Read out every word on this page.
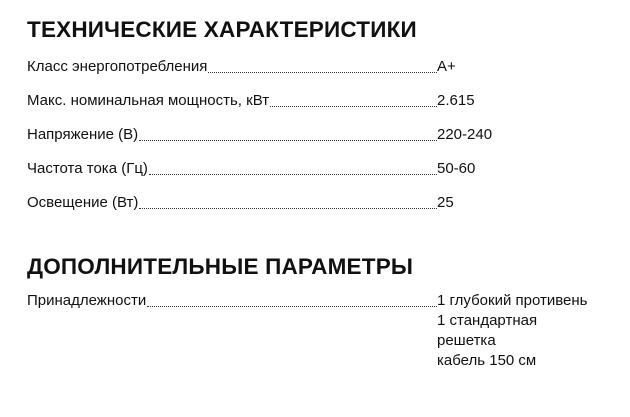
ТЕХНИЧЕСКИЕ ХАРАКТЕРИСТИКИ
Класс энергопотребления	A+
Макс. номинальная мощность, кВт	2.615
Напряжение (В)	220-240
Частота тока (Гц)	50-60
Освещение (Вт)	25
ДОПОЛНИТЕЛЬНЫЕ ПАРАМЕТРЫ
Принадлежности	1 глубокий противень
1 стандартная
решетка
кабель 150 см
